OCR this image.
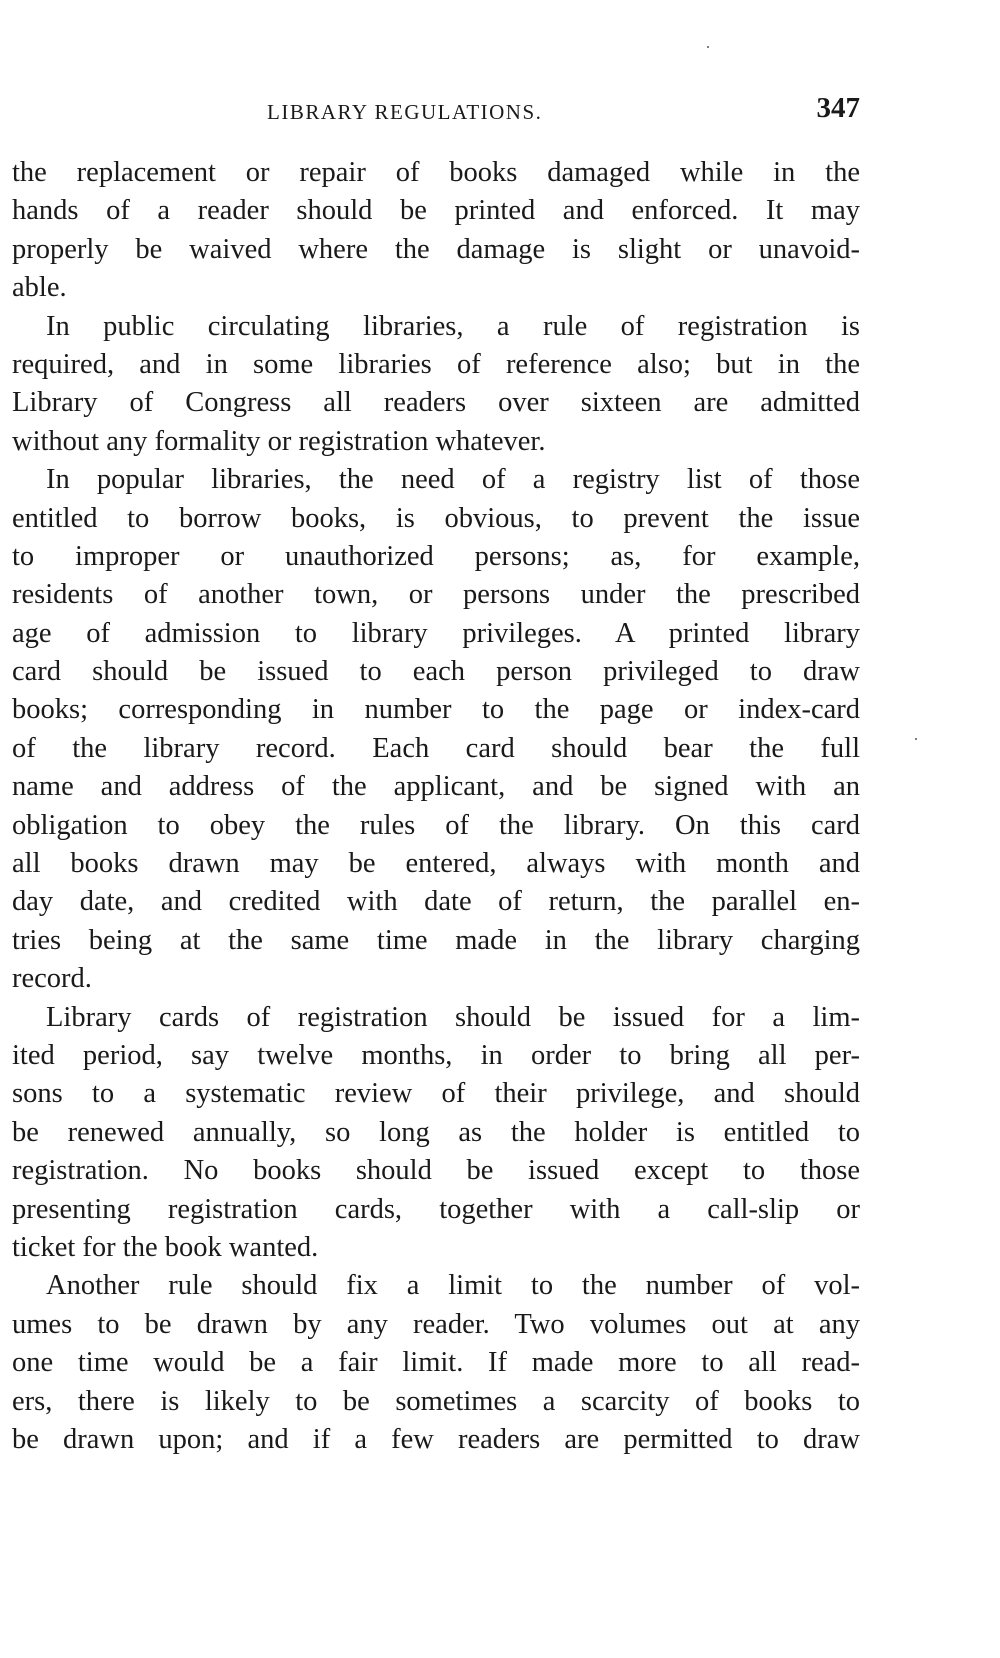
LIBRARY REGULATIONS.	347
the replacement or repair of books damaged while in the
hands of a reader should be printed and enforced. It may
properly be waived where the damage is slight or unavoid-
able.
In public circulating libraries, a rule of registration is
required, and in some libraries of reference also; but in the
Library of Congress all readers over sixteen are admitted
without any formality or registration whatever.
In popular libraries, the need of a registry list of those
entitled to borrow books, is obvious, to prevent the issue
to improper or unauthorized persons; as, for example,
residents of another town, or persons under the prescribed
age of admission to library privileges. A printed library
card should be issued to each person privileged to draw
books; corresponding in number to the page or index-card
of the library record. Each card should bear the full
name and address of the applicant, and be signed with an
obligation to obey the rules of the library. On this card
all books drawn may be entered, always with month and
day date, and credited with date of return, the parallel en-
tries being at the same time made in the library charging
record.
Library cards of registration should be issued for a lim-
ited period, say twelve months, in order to bring all per-
sons to a systematic review of their privilege, and should
be renewed annually, so long as the holder is entitled to
registration. No books should be issued except to those
presenting registration cards, together with a call-slip or
ticket for the book wanted.
Another rule should fix a limit to the number of vol-
umes to be drawn by any reader. Two volumes out at any
one time would be a fair limit. If made more to all read-
ers, there is likely to be sometimes a scarcity of books to
be drawn upon; and if a few readers are permitted to draw
